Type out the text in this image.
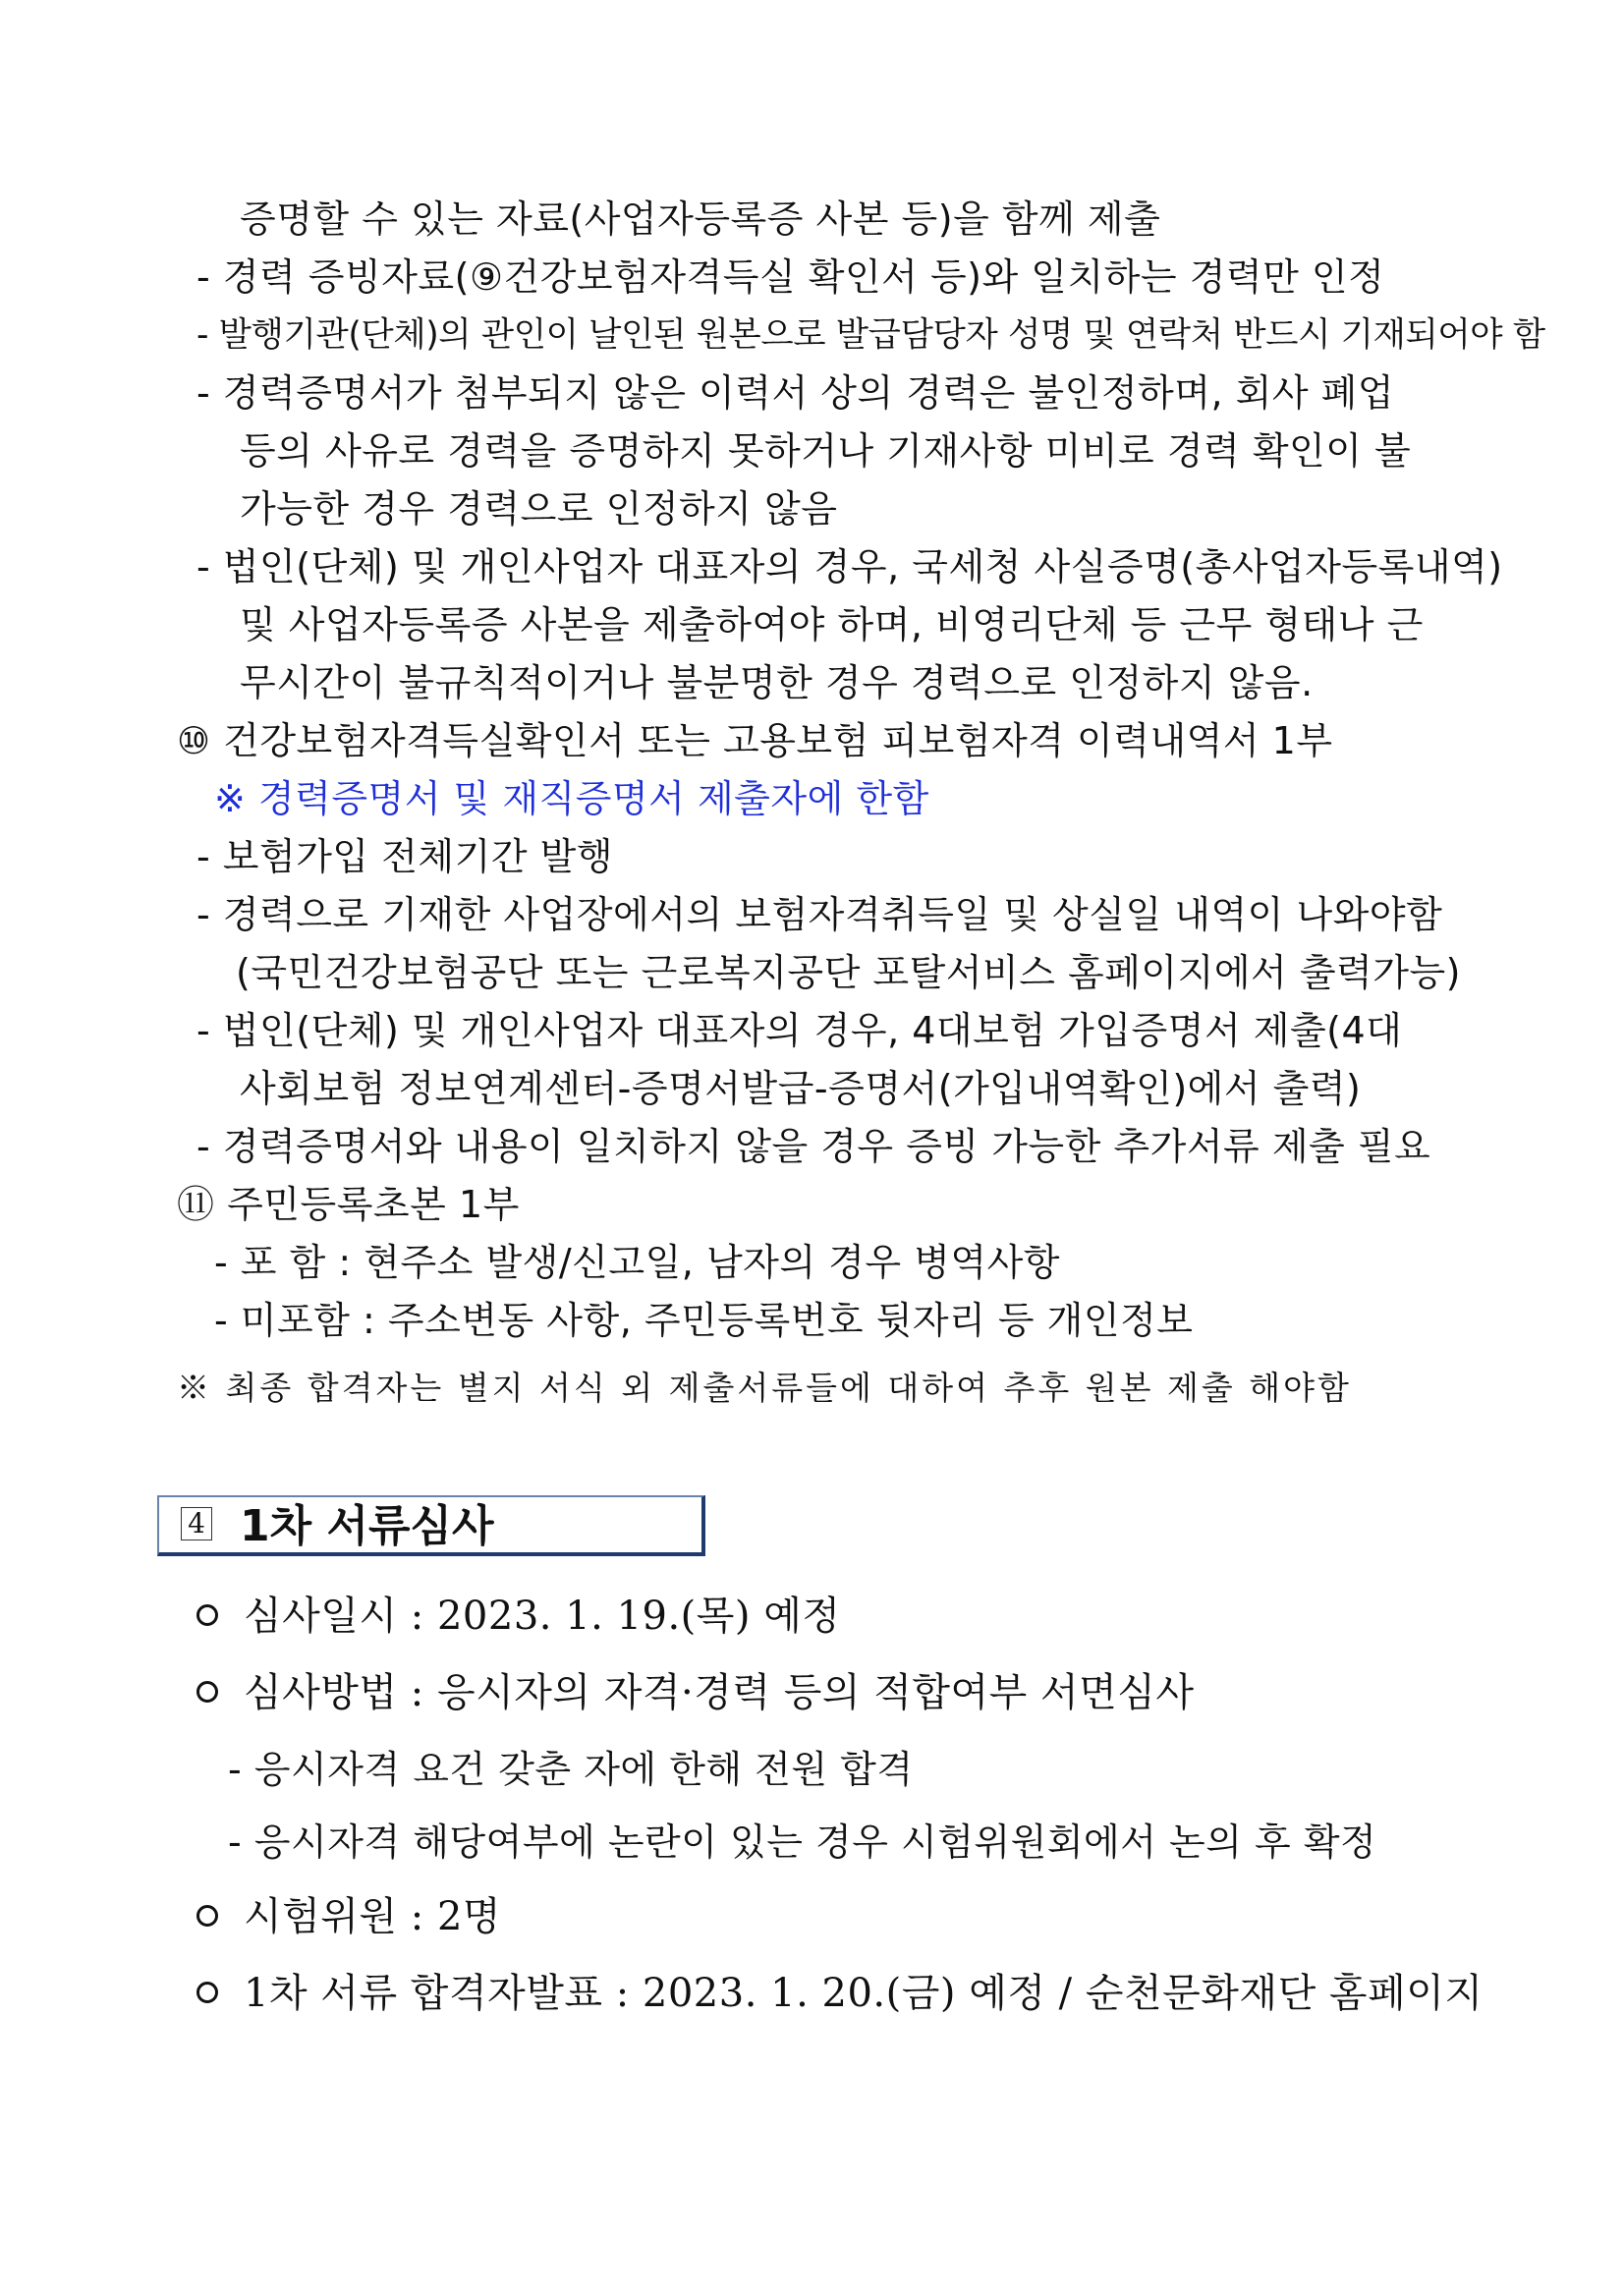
증명할 수 있는 자료(사업자등록증 사본 등)을 함께 제출
- 경력 증빙자료(⑨건강보험자격득실 확인서 등)와 일치하는 경력만 인정
- 발행기관(단체)의 관인이 날인된 원본으로 발급담당자 성명 및 연락처 반드시 기재되어야 함
- 경력증명서가 첨부되지 않은 이력서 상의 경력은 불인정하며, 회사 폐업
등의 사유로 경력을 증명하지 못하거나 기재사항 미비로 경력 확인이 불
가능한 경우 경력으로 인정하지 않음
- 법인(단체) 및 개인사업자 대표자의 경우, 국세청 사실증명(총사업자등록내역)
및 사업자등록증 사본을 제출하여야 하며, 비영리단체 등 근무 형태나 근
무시간이 불규칙적이거나 불분명한 경우 경력으로 인정하지 않음.
⑩ 건강보험자격득실확인서 또는 고용보험 피보험자격 이력내역서 1부
※ 경력증명서 및 재직증명서 제출자에 한함
- 보험가입 전체기간 발행
- 경력으로 기재한 사업장에서의 보험자격취득일 및 상실일 내역이 나와야함
(국민건강보험공단 또는 근로복지공단 포탈서비스 홈페이지에서 출력가능)
- 법인(단체) 및 개인사업자 대표자의 경우, 4대보험 가입증명서 제출(4대
사회보험 정보연계센터-증명서발급-증명서(가입내역확인)에서 출력)
- 경력증명서와 내용이 일치하지 않을 경우 증빙 가능한 추가서류 제출 필요
⑪ 주민등록초본 1부
- 포 함 : 현주소 발생/신고일, 남자의 경우 병역사항
- 미포함 : 주소변동 사항, 주민등록번호 뒷자리 등 개인정보
※ 최종 합격자는 별지 서식 외 제출서류들에 대하여 추후 원본 제출 해야함
4 1차 서류심사
심사일시 : 2023. 1. 19.(목) 예정
심사방법 : 응시자의 자격·경력 등의 적합여부 서면심사
- 응시자격 요건 갖춘 자에 한해 전원 합격
- 응시자격 해당여부에 논란이 있는 경우 시험위원회에서 논의 후 확정
시험위원 : 2명
1차 서류 합격자발표 : 2023. 1. 20.(금) 예정 / 순천문화재단 홈페이지
